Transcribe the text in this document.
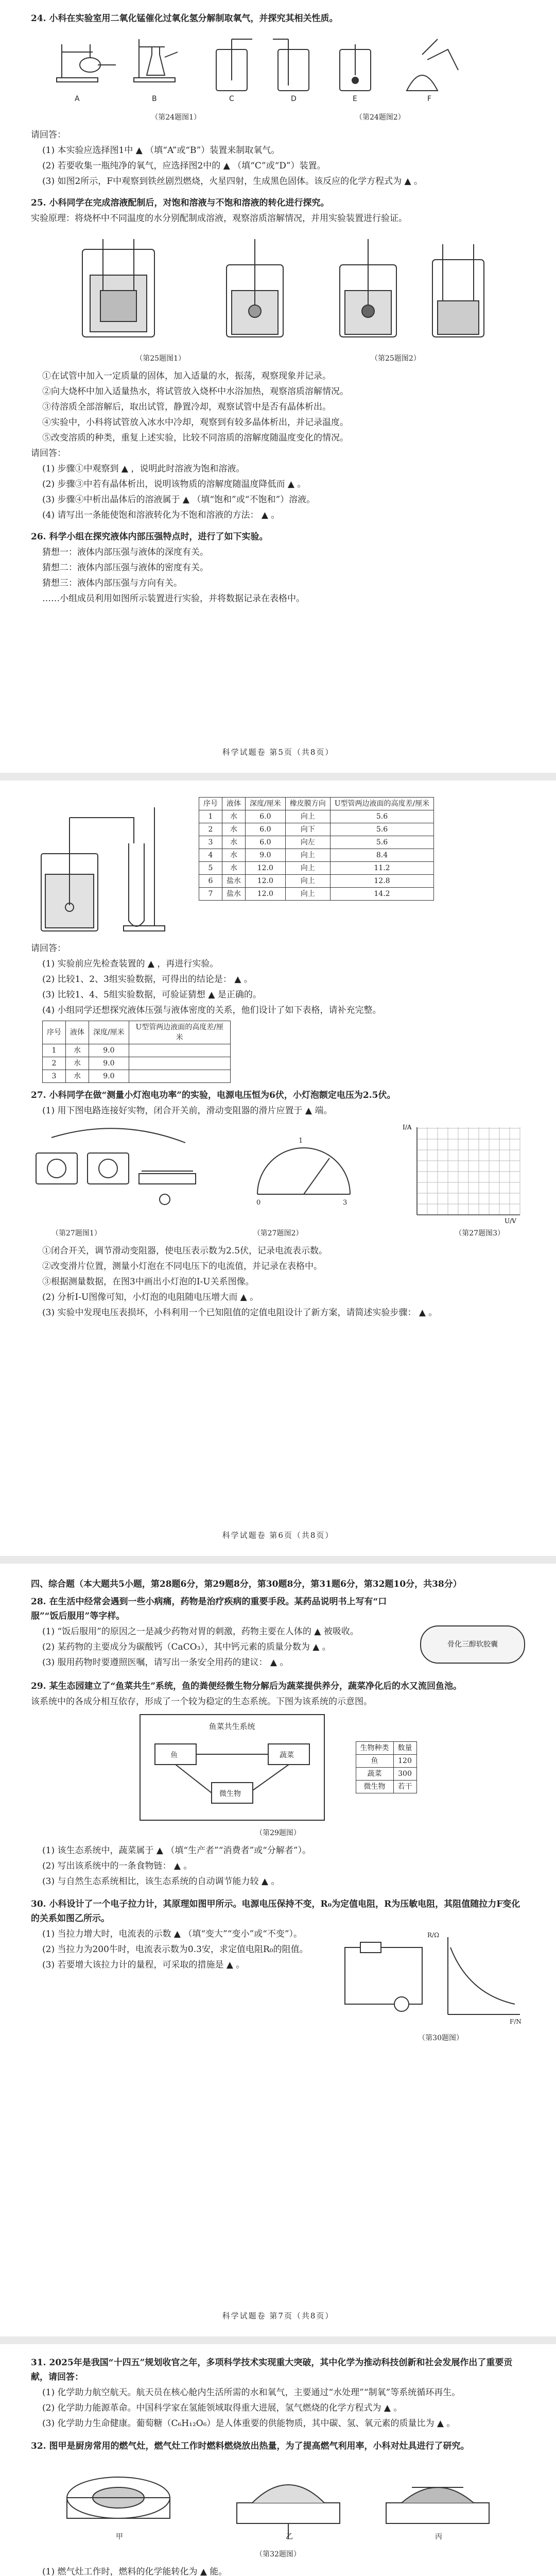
24. 小科在实验室用二氧化锰催化过氧化氢分解制取氧气，并探究其相关性质。

A	B	C	D	E	F
（第24题图1）	（第24题图2）

请回答：

(1) 本实验应选择图1中 ▲ （填“A”或“B”）装置来制取氧气。

(2) 若要收集一瓶纯净的氧气，应选择图2中的 ▲ （填“C”或“D”）装置。

(3) 如图2所示，F中观察到铁丝剧烈燃烧，火星四射，生成黑色固体。该反应的化学方程式为 ▲ 。

25. 小科同学在完成溶液配制后，对饱和溶液与不饱和溶液的转化进行探究。

实验原理：将烧杯中不同温度的水分别配制成溶液，观察溶质溶解情况，并用实验装置进行验证。

（第25题图1）	（第25题图2）

①在试管中加入一定质量的固体，加入适量的水，振荡，观察现象并记录。

②向大烧杯中加入适量热水，将试管放入烧杯中水浴加热，观察溶质溶解情况。

③待溶质全部溶解后，取出试管，静置冷却，观察试管中是否有晶体析出。

④实验中，小科将试管放入冰水中冷却，观察到有较多晶体析出，并记录温度。

⑤改变溶质的种类，重复上述实验，比较不同溶质的溶解度随温度变化的情况。

请回答：

(1) 步骤①中观察到 ▲ ，说明此时溶液为饱和溶液。

(2) 步骤③中若有晶体析出，说明该物质的溶解度随温度降低而 ▲ 。

(3) 步骤④中析出晶体后的溶液属于 ▲ （填“饱和”或“不饱和”）溶液。

(4) 请写出一条能使饱和溶液转化为不饱和溶液的方法： ▲ 。

26. 科学小组在探究液体内部压强特点时，进行了如下实验。

猜想一：液体内部压强与液体的深度有关。

猜想二：液体内部压强与液体的密度有关。

猜想三：液体内部压强与方向有关。

……小组成员利用如图所示装置进行实验，并将数据记录在表格中。

科学试题卷 第5页（共8页）
序号	液体	深度/厘米	橡皮膜方向	U型管两边液面的高度差/厘米
1	水	6.0	向上	5.6
2	水	6.0	向下	5.6
3	水	6.0	向左	5.6
4	水	9.0	向上	8.4
5	水	12.0	向上	11.2
6	盐水	12.0	向上	12.8
7	盐水	12.0	向上	14.2

请回答：

(1) 实验前应先检查装置的 ▲ ，再进行实验。

(2) 比较1、2、3组实验数据，可得出的结论是： ▲ 。

(3) 比较1、4、5组实验数据，可验证猜想 ▲ 是正确的。

(4) 小组同学还想探究液体压强与液体密度的关系，他们设计了如下表格，请补充完整。

序号	液体	深度/厘米	U型管两边液面的高度差/厘米
1	水	9.0	
2	水	9.0	
3	水	9.0	

27. 小科同学在做“测量小灯泡电功率”的实验，电源电压恒为6伏，小灯泡额定电压为2.5伏。

(1) 用下图电路连接好实物，闭合开关前，滑动变阻器的滑片应置于 ▲ 端。

0
1
3
U/V
I/A
（第27题图1）	（第27题图2）	（第27题图3）

①闭合开关，调节滑动变阻器，使电压表示数为2.5伏，记录电流表示数。

②改变滑片位置，测量小灯泡在不同电压下的电流值，并记录在表格中。

③根据测量数据，在图3中画出小灯泡的I-U关系图像。

(2) 分析I-U图像可知，小灯泡的电阻随电压增大而 ▲ 。

(3) 实验中发现电压表损坏，小科利用一个已知阻值的定值电阻设计了新方案，请简述实验步骤： ▲ 。

科学试题卷 第6页（共8页）

四、综合题（本大题共5小题，第28题6分，第29题8分，第30题8分，第31题6分，第32题10分，共38分）

28. 在生活中经常会遇到一些小病痛，药物是治疗疾病的重要手段。某药品说明书上写有“口服”“饭后服用”等字样。

(1) “饭后服用”的原因之一是减少药物对胃的刺激，药物主要在人体的 ▲ 被吸收。

(2) 某药物的主要成分为碳酸钙（CaCO₃），其中钙元素的质量分数为 ▲ 。

(3) 服用药物时要遵照医嘱，请写出一条安全用药的建议： ▲ 。

骨化三醇软胶囊

29. 某生态园建立了“鱼菜共生”系统，鱼的粪便经微生物分解后为蔬菜提供养分，蔬菜净化后的水又流回鱼池。

该系统中的各成分相互依存，形成了一个较为稳定的生态系统。下图为该系统的示意图。

鱼菜共生系统
鱼	蔬菜
微生物
生物种类	数量
鱼	120
蔬菜	300
微生物	若干
（第29题图）

(1) 该生态系统中，蔬菜属于 ▲ （填“生产者”“消费者”或“分解者”）。

(2) 写出该系统中的一条食物链： ▲ 。

(3) 与自然生态系统相比，该生态系统的自动调节能力较 ▲ 。

30. 小科设计了一个电子拉力计，其原理如图甲所示。电源电压保持不变，R₀为定值电阻，R为压敏电阻，其阻值随拉力F变化的关系如图乙所示。

(1) 当拉力增大时，电流表的示数 ▲ （填“变大”“变小”或“不变”）。

(2) 当拉力为200牛时，电流表示数为0.3安，求定值电阻R₀的阻值。

(3) 若要增大该拉力计的量程，可采取的措施是 ▲ 。

F/N
R/Ω
（第30题图）
科学试题卷 第7页（共8页）

31. 2025年是我国“十四五”规划收官之年，多项科学技术实现重大突破，其中化学为推动科技创新和社会发展作出了重要贡献，请回答：

(1) 化学助力航空航天。航天员在核心舱内生活所需的水和氧气，主要通过“水处理”“制氧”等系统循环再生。

(2) 化学助力能源革命。中国科学家在氢能领域取得重大进展，氢气燃烧的化学方程式为 ▲ 。

(3) 化学助力生命健康。葡萄糖（C₆H₁₂O₆）是人体重要的供能物质，其中碳、氢、氧元素的质量比为 ▲ 。

32. 图甲是厨房常用的燃气灶，燃气灶工作时燃料燃烧放出热量，为了提高燃气利用率，小科对灶具进行了研究。

甲	乙	丙
（第32题图）

(1) 燃气灶工作时，燃料的化学能转化为 ▲ 能。
